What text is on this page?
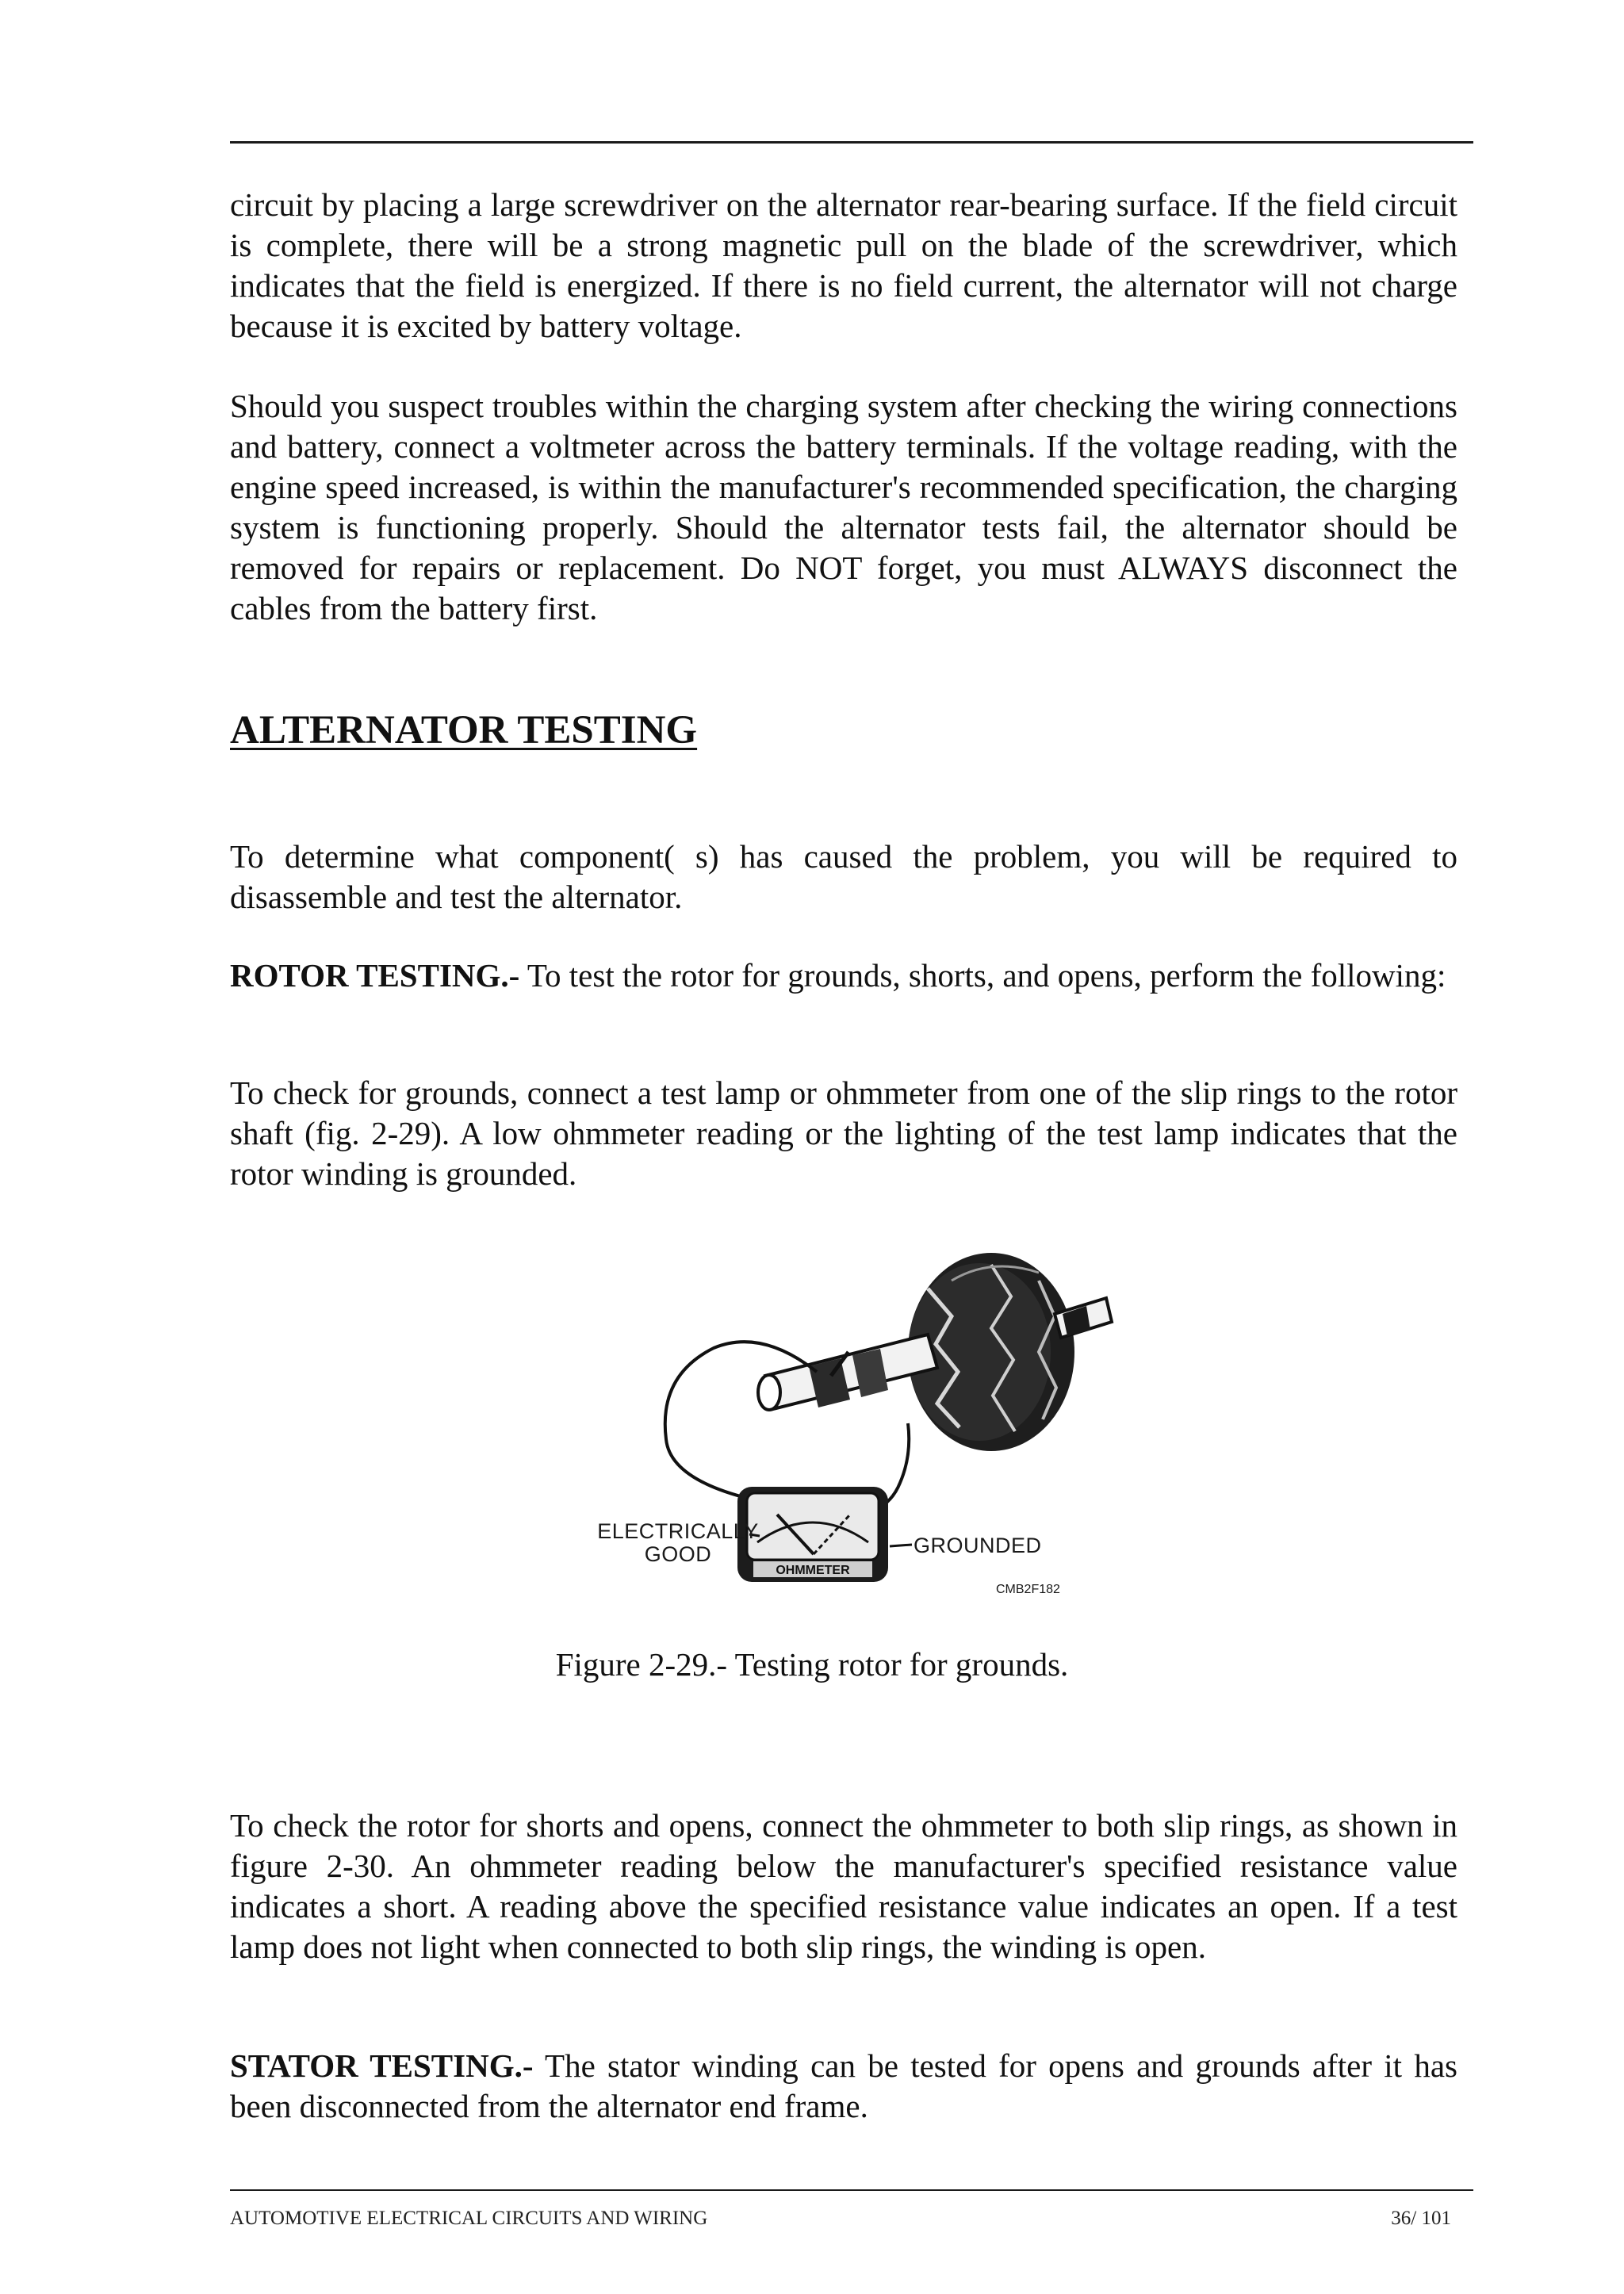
circuit by placing a large screwdriver on the alternator rear-bearing surface. If the field circuit is complete, there will be a strong magnetic pull on the blade of the screwdriver, which indicates that the field is energized. If there is no field current, the alternator will not charge because it is excited by battery voltage.

Should you suspect troubles within the charging system after checking the wiring connections and battery, connect a voltmeter across the battery terminals. If the voltage reading, with the engine speed increased, is within the manufacturer's recommended specification, the charging system is functioning properly. Should the alternator tests fail, the alternator should be removed for repairs or replacement. Do NOT forget, you must ALWAYS disconnect the cables from the battery first.

ALTERNATOR TESTING

To determine what component( s) has caused the problem, you will be required to disassemble and test the alternator.

ROTOR TESTING.- To test the rotor for grounds, shorts, and opens, perform the following:

To check for grounds, connect a test lamp or ohmmeter from one of the slip rings to the rotor shaft (fig. 2-29). A low ohmmeter reading or the lighting of the test lamp indicates that the rotor winding is grounded.

OHMMETER
ELECTRICALLY
GOOD	GROUNDED
CMB2F182
Figure 2-29.- Testing rotor for grounds.

To check the rotor for shorts and opens, connect the ohmmeter to both slip rings, as shown in figure 2-30. An ohmmeter reading below the manufacturer's specified resistance value indicates a short. A reading above the specified resistance value indicates an open. If a test lamp does not light when connected to both slip rings, the winding is open.

STATOR TESTING.- The stator winding can be tested for opens and grounds after it has been disconnected from the alternator end frame.

AUTOMOTIVE ELECTRICAL CIRCUITS AND WIRING	36/ 101
